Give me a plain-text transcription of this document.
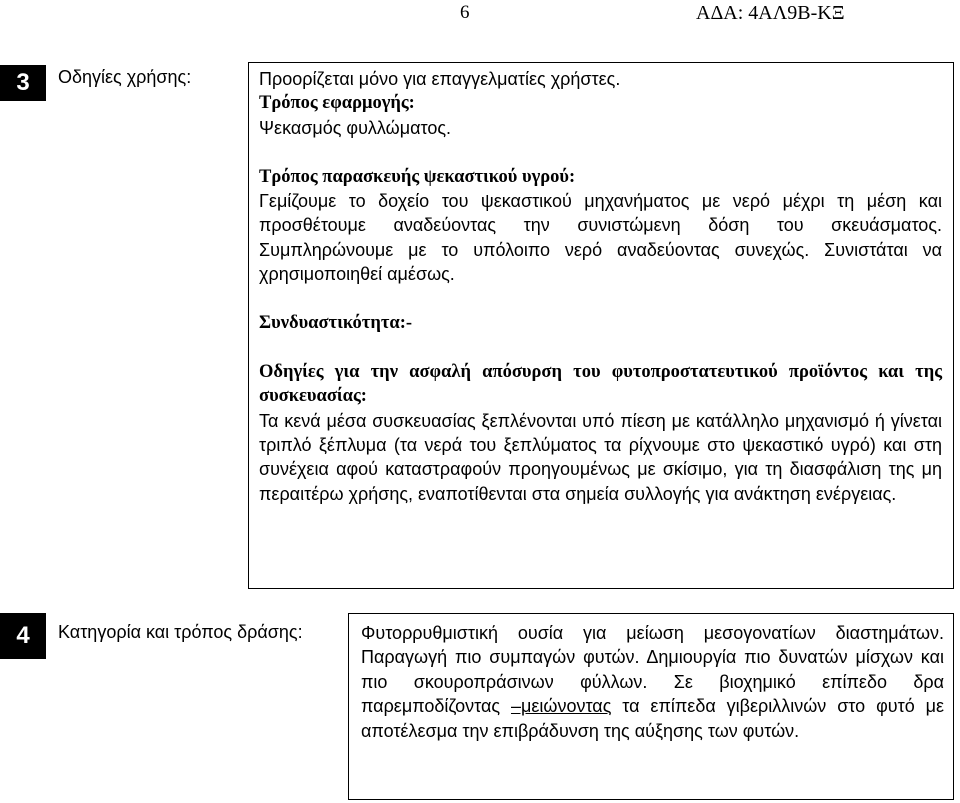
6	ΑΔΑ: 4ΑΛ9Β-ΚΞ
3	Οδηγίες χρήσης:	Προορίζεται μόνο για επαγγελματίες χρήστες.

Τρόπος εφαρμογής:

Ψεκασμός φυλλώματος.

Τρόπος παρασκευής ψεκαστικού υγρού:

Γεμίζουμε το δοχείο του ψεκαστικού μηχανήματος με νερό μέχρι τη μέση και προσθέτουμε αναδεύοντας την συνιστώμενη δόση του σκευάσματος. Συμπληρώνουμε με το υπόλοιπο νερό αναδεύοντας συνεχώς. Συνιστάται να χρησιμοποιηθεί αμέσως.

Συνδυαστικότητα:-

Οδηγίες για την ασφαλή απόσυρση του φυτοπροστατευτικού προϊόντος και της συσκευασίας:

Τα κενά μέσα συσκευασίας ξεπλένονται υπό πίεση με κατάλληλο μηχανισμό ή γίνεται τριπλό ξέπλυμα (τα νερά του ξεπλύματος τα ρίχνουμε στο ψεκαστικό υγρό) και στη συνέχεια αφού καταστραφούν προηγουμένως με σκίσιμο, για τη διασφάλιση της μη περαιτέρω χρήσης, εναποτίθενται στα σημεία συλλογής για ανάκτηση ενέργειας.

4	Κατηγορία και τρόπος δράσης:	Φυτορρυθμιστική ουσία για μείωση μεσογονατίων διαστημάτων. Παραγωγή πιο συμπαγών φυτών. Δημιουργία πιο δυνατών μίσχων και πιο σκουροπράσινων φύλλων. Σε βιοχημικό επίπεδο δρα παρεμποδίζοντας –μειώνοντας τα επίπεδα γιβεριλλινών στο φυτό με αποτέλεσμα την επιβράδυνση της αύξησης των φυτών.
